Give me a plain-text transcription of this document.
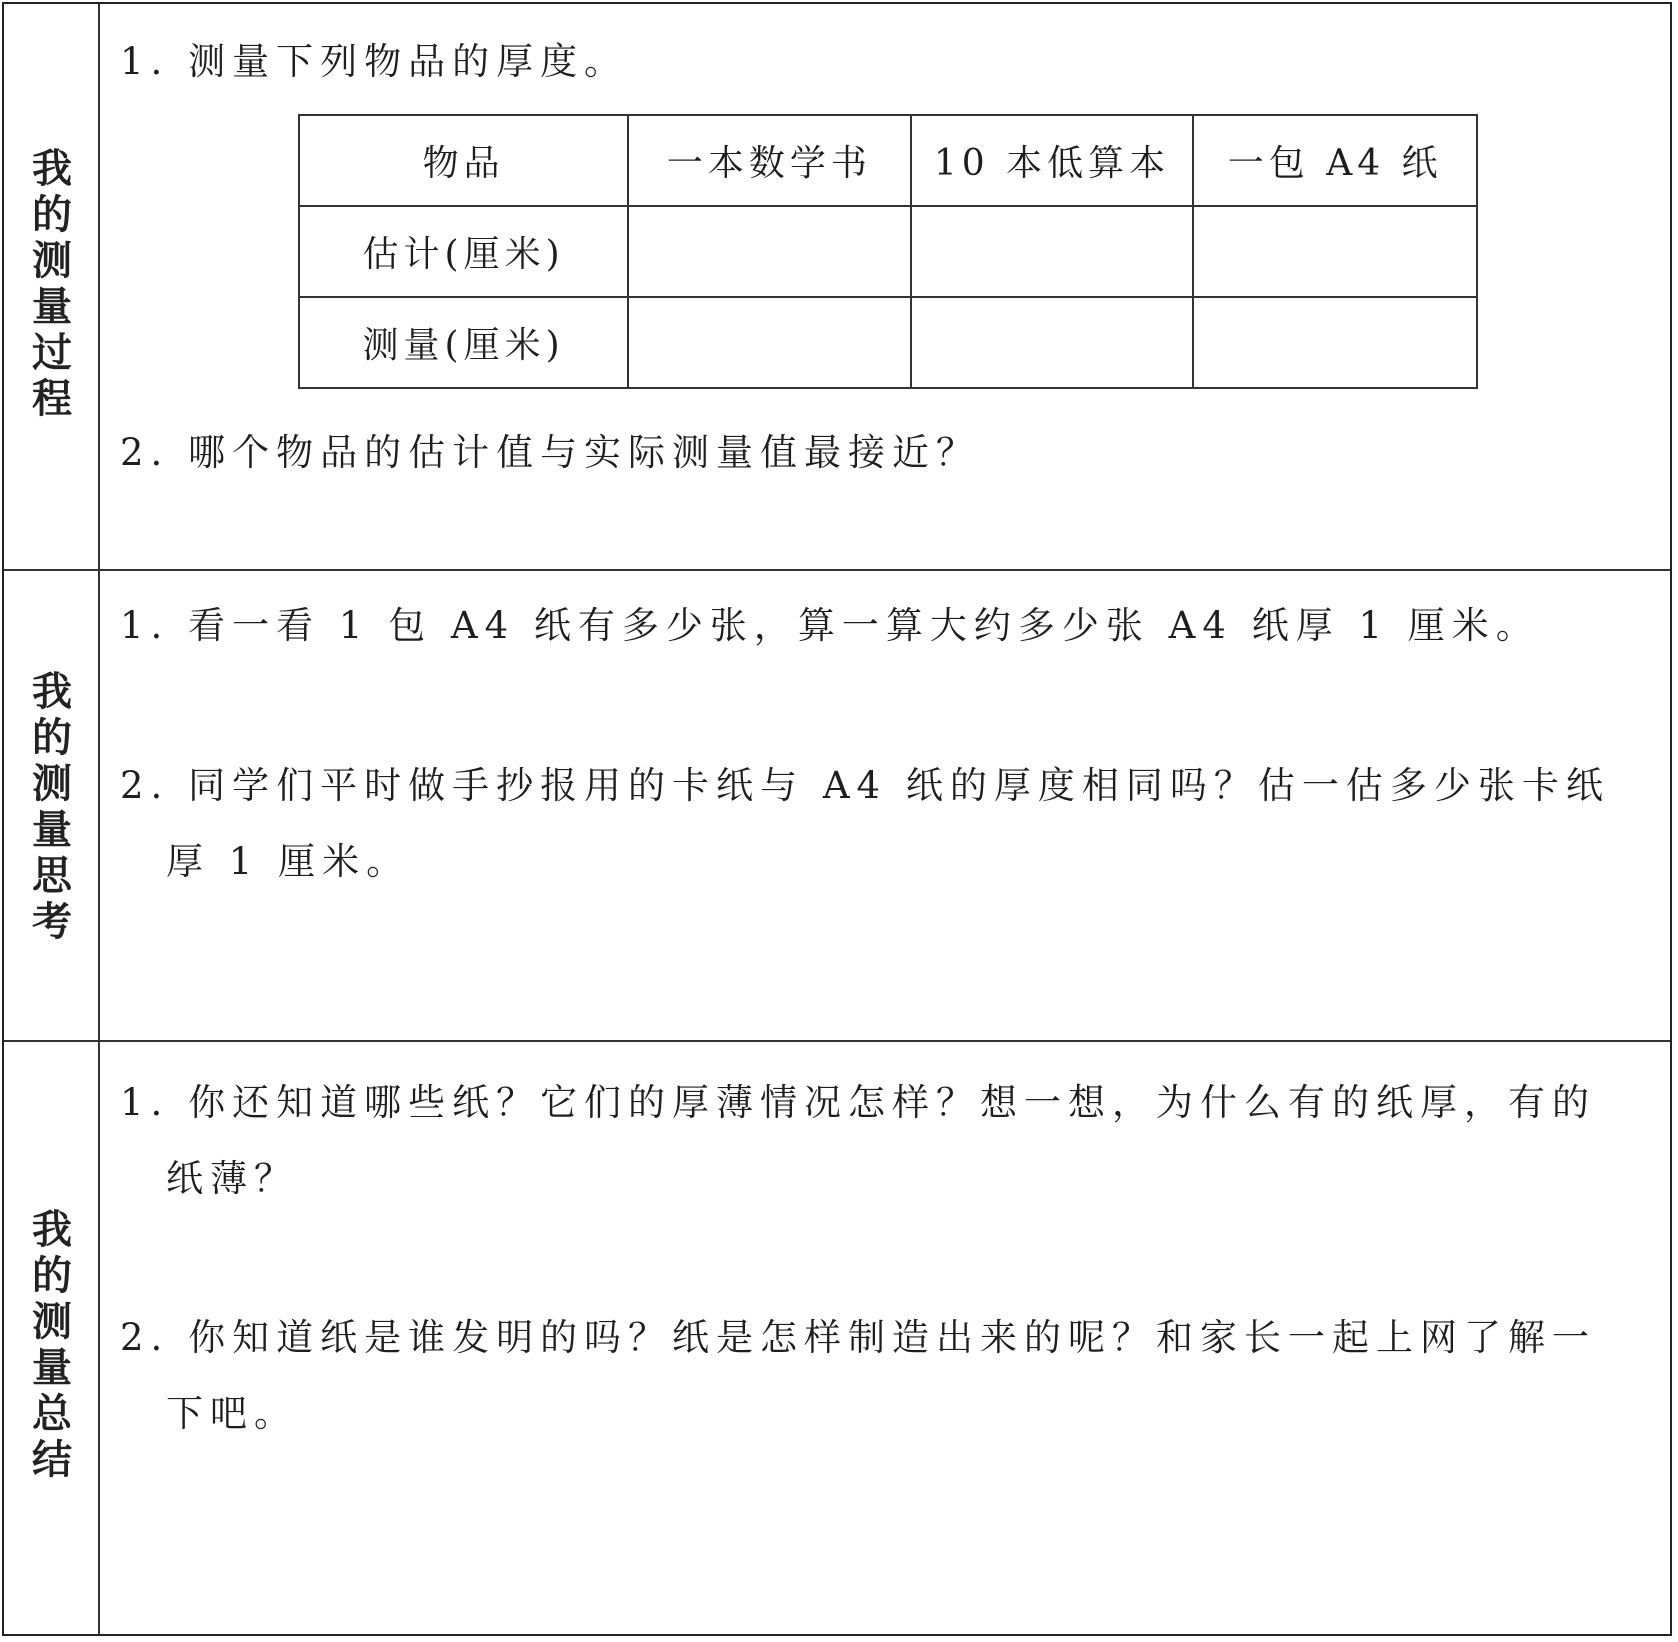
我
的
测
量
过
程
1. 测量下列物品的厚度。
物品	一本数学书	10 本低算本	一包 A4 纸
估计(厘米)			
测量(厘米)			
2. 哪个物品的估计值与实际测量值最接近？
我
的
测
量
思
考
1. 看一看 1 包 A4 纸有多少张，算一算大约多少张 A4 纸厚 1 厘米。
2. 同学们平时做手抄报用的卡纸与 A4 纸的厚度相同吗？估一估多少张卡纸
厚 1 厘米。
我
的
测
量
总
结
1. 你还知道哪些纸？它们的厚薄情况怎样？想一想，为什么有的纸厚，有的
纸薄？
2. 你知道纸是谁发明的吗？纸是怎样制造出来的呢？和家长一起上网了解一
下吧。
